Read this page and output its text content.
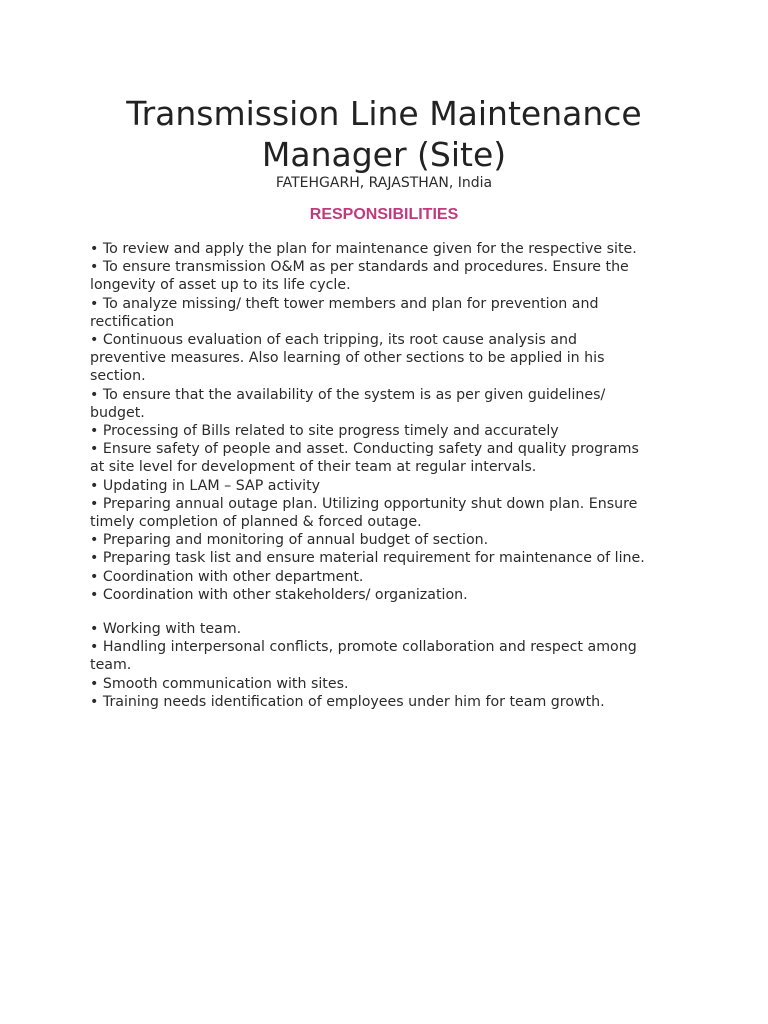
Transmission Line Maintenance Manager (Site)
FATEHGARH, RAJASTHAN, India
RESPONSIBILITIES
• To review and apply the plan for maintenance given for the respective site.
• To ensure transmission O&M as per standards and procedures. Ensure the longevity of asset up to its life cycle.
• To analyze missing/ theft tower members and plan for prevention and rectification
• Continuous evaluation of each tripping, its root cause analysis and preventive measures. Also learning of other sections to be applied in his section.
• To ensure that the availability of the system is as per given guidelines/ budget.
• Processing of Bills related to site progress timely and accurately
• Ensure safety of people and asset. Conducting safety and quality programs at site level for development of their team at regular intervals.
• Updating in LAM – SAP activity
• Preparing annual outage plan. Utilizing opportunity shut down plan. Ensure timely completion of planned & forced outage.
• Preparing and monitoring of annual budget of section.
• Preparing task list and ensure material requirement for maintenance of line.
• Coordination with other department.
• Coordination with other stakeholders/ organization.
• Working with team.
• Handling interpersonal conflicts, promote collaboration and respect among team.
• Smooth communication with sites.
• Training needs identification of employees under him for team growth.
